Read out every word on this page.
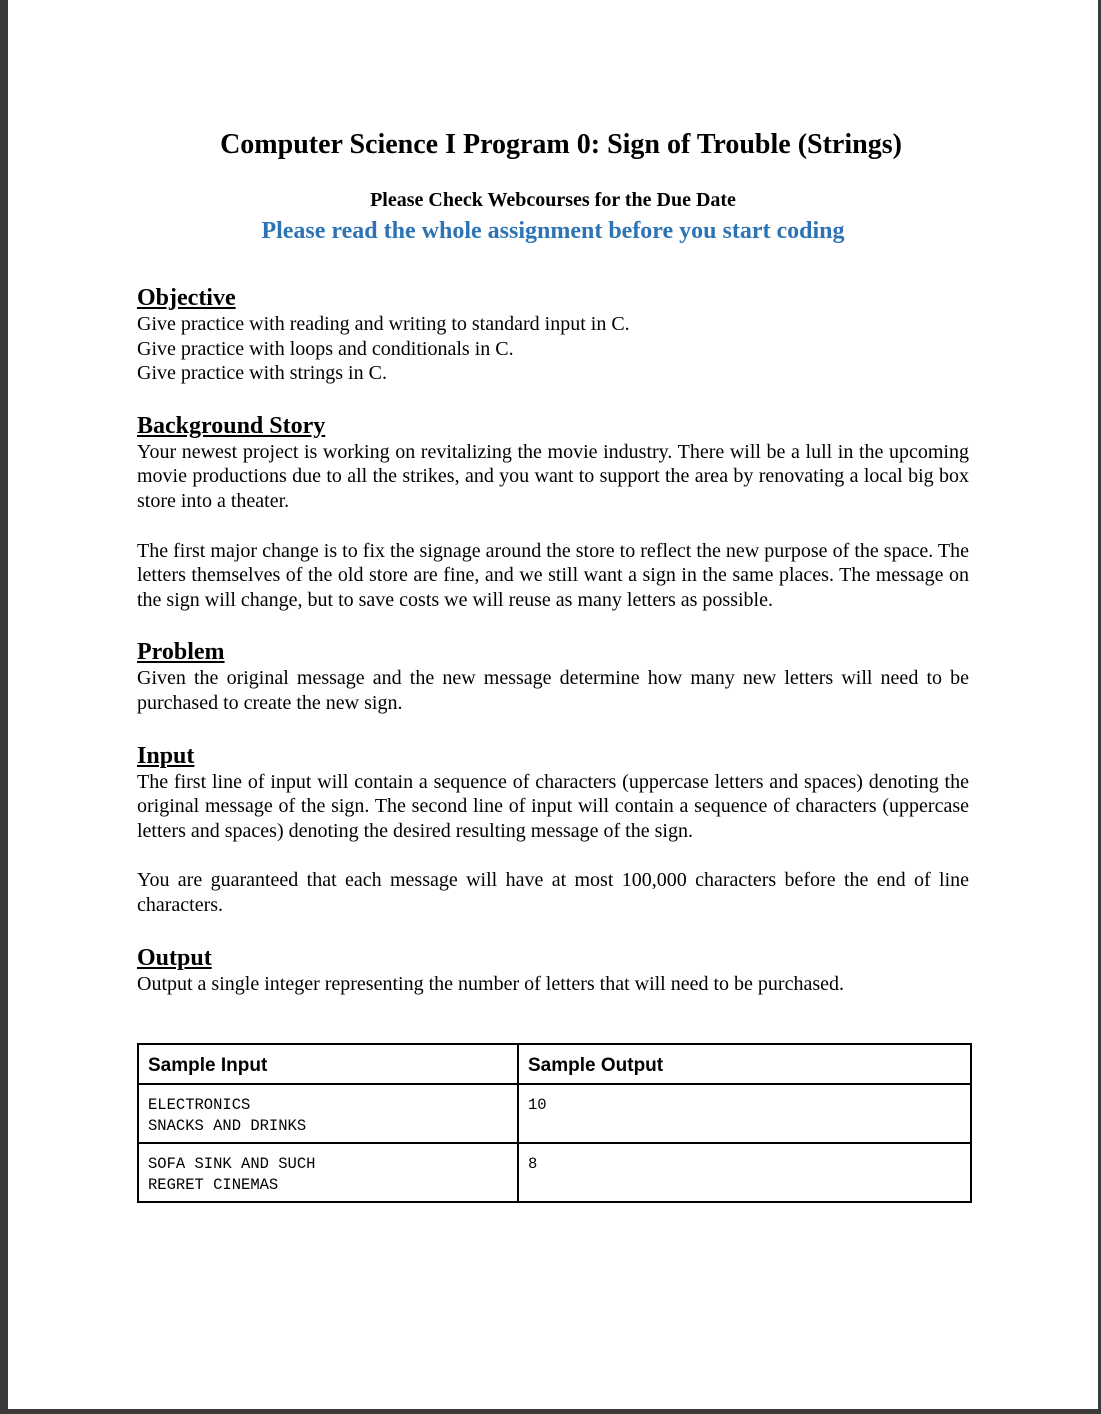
Computer Science I Program 0: Sign of Trouble (Strings)
Please Check Webcourses for the Due Date
Please read the whole assignment before you start coding
Objective
Give practice with reading and writing to standard input in C.
Give practice with loops and conditionals in C.
Give practice with strings in C.
Background Story

Your newest project is working on revitalizing the movie industry. There will be a lull in the upcoming movie productions due to all the strikes, and you want to support the area by renovating a local big box store into a theater.

The first major change is to fix the signage around the store to reflect the new purpose of the space. The letters themselves of the old store are fine, and we still want a sign in the same places. The message on the sign will change, but to save costs we will reuse as many letters as possible.

Problem

Given the original message and the new message determine how many new letters will need to be purchased to create the new sign.

Input

The first line of input will contain a sequence of characters (uppercase letters and spaces) denoting the original message of the sign. The second line of input will contain a sequence of characters (uppercase letters and spaces) denoting the desired resulting message of the sign.

You are guaranteed that each message will have at most 100,000 characters before the end of line characters.

Output

Output a single integer representing the number of letters that will need to be purchased.

Sample Input	Sample Output

ELECTRONICS
SNACKS AND DRINKS	10

SOFA SINK AND SUCH
REGRET CINEMAS	8
